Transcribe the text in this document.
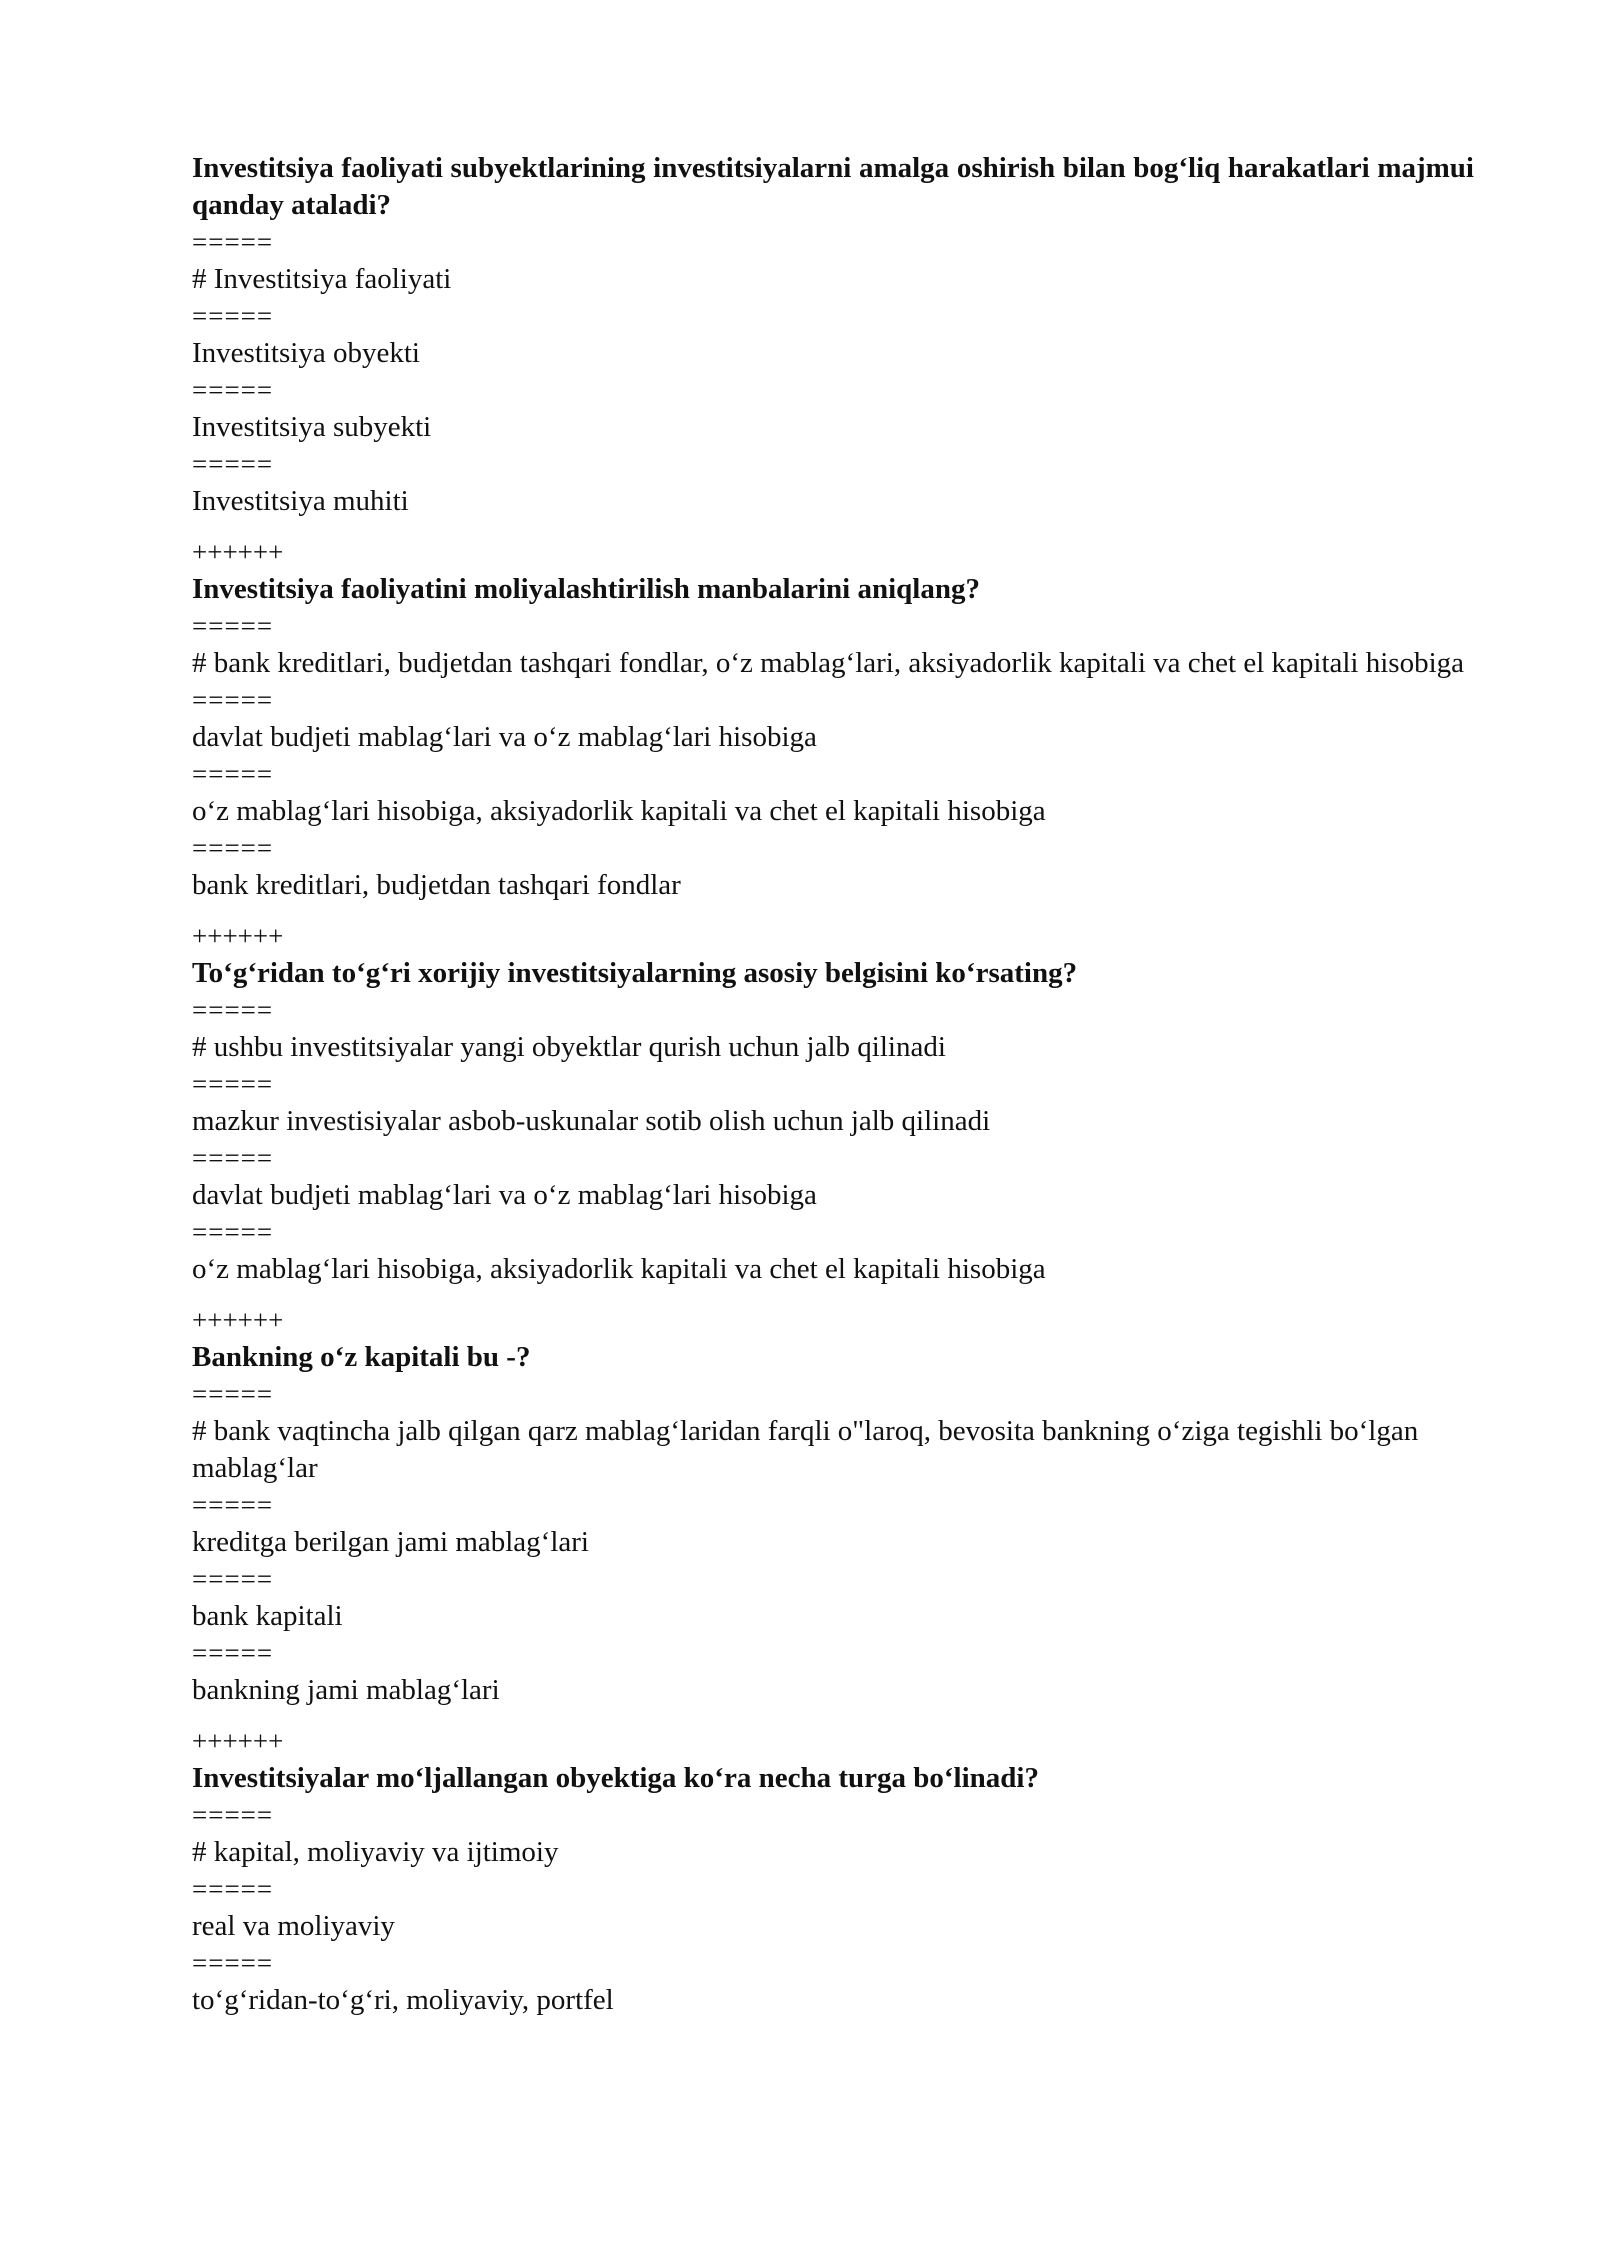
Investitsiya faoliyati subyektlarining investitsiyalarni amalga oshirish bilan bog‘liq harakatlari majmui qanday ataladi?
=====
# Investitsiya faoliyati
=====
Investitsiya obyekti
=====
Investitsiya subyekti
=====
Investitsiya muhiti
++++++
Investitsiya faoliyatini moliyalashtirilish manbalarini aniqlang?
=====
# bank kreditlari, budjetdan tashqari fondlar, o‘z mablag‘lari, aksiyadorlik kapitali va chet el kapitali hisobiga
=====
davlat budjeti mablag‘lari va o‘z mablag‘lari hisobiga
=====
o‘z mablag‘lari hisobiga, aksiyadorlik kapitali va chet el kapitali hisobiga
=====
bank kreditlari, budjetdan tashqari fondlar
++++++
To‘g‘ridan to‘g‘ri xorijiy investitsiyalarning asosiy belgisini ko‘rsating?
=====
# ushbu investitsiyalar yangi obyektlar qurish uchun jalb qilinadi
=====
mazkur investisiyalar asbob-uskunalar sotib olish uchun jalb qilinadi
=====
davlat budjeti mablag‘lari va o‘z mablag‘lari hisobiga
=====
o‘z mablag‘lari hisobiga, aksiyadorlik kapitali va chet el kapitali hisobiga
++++++
Bankning o‘z kapitali bu -?
=====
# bank vaqtincha jalb qilgan qarz mablag‘laridan farqli o"laroq, bevosita bankning o‘ziga tegishli bo‘lgan mablag‘lar
=====
kreditga berilgan jami mablag‘lari
=====
bank kapitali
=====
bankning jami mablag‘lari
++++++
Investitsiyalar mo‘ljallangan obyektiga ko‘ra necha turga bo‘linadi?
=====
# kapital, moliyaviy va ijtimoiy
=====
real va moliyaviy
=====
to‘g‘ridan-to‘g‘ri, moliyaviy, portfel
